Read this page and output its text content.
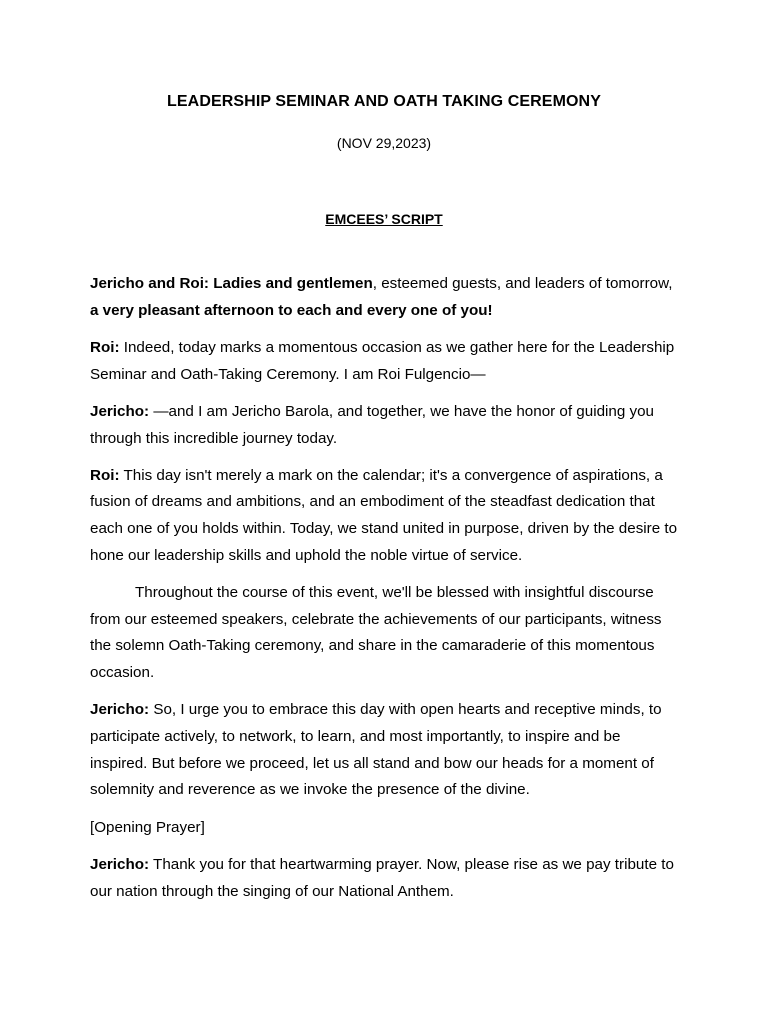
LEADERSHIP SEMINAR AND OATH TAKING CEREMONY
(NOV 29,2023)
EMCEES’ SCRIPT

Jericho and Roi: Ladies and gentlemen, esteemed guests, and leaders of tomorrow, a very pleasant afternoon to each and every one of you!

Roi: Indeed, today marks a momentous occasion as we gather here for the Leadership Seminar and Oath-Taking Ceremony. I am Roi Fulgencio—

Jericho: —and I am Jericho Barola, and together, we have the honor of guiding you through this incredible journey today.

Roi: This day isn't merely a mark on the calendar; it's a convergence of aspirations, a fusion of dreams and ambitions, and an embodiment of the steadfast dedication that each one of you holds within. Today, we stand united in purpose, driven by the desire to hone our leadership skills and uphold the noble virtue of service.

Throughout the course of this event, we'll be blessed with insightful discourse from our esteemed speakers, celebrate the achievements of our participants, witness the solemn Oath-Taking ceremony, and share in the camaraderie of this momentous occasion.

Jericho: So, I urge you to embrace this day with open hearts and receptive minds, to participate actively, to network, to learn, and most importantly, to inspire and be inspired. But before we proceed, let us all stand and bow our heads for a moment of solemnity and reverence as we invoke the presence of the divine.

[Opening Prayer]

Jericho: Thank you for that heartwarming prayer. Now, please rise as we pay tribute to our nation through the singing of our National Anthem.
